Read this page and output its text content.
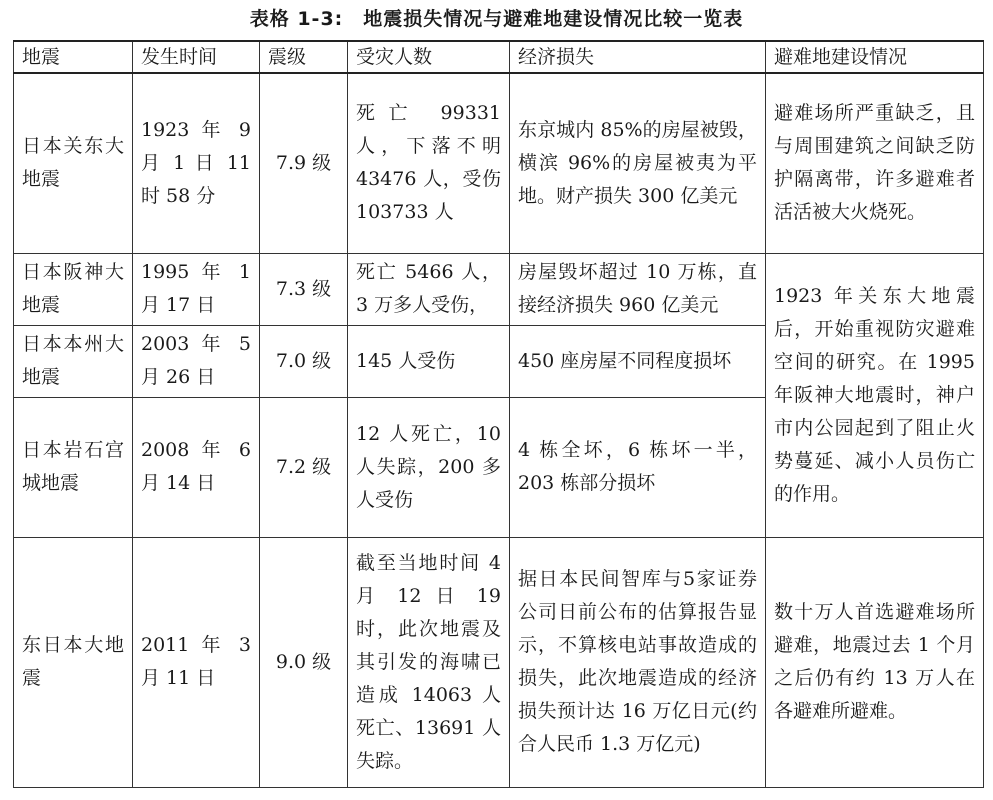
表格 1-3:　地震损失情况与避难地建设情况比较一览表
地震	发生时间	震级	受灾人数	经济损失	避难地建设情况
日本关东大地震	1923 年 9 月 1 日 11 时 58 分	7.9 级	死亡 99331 人，下落不明 43476 人，受伤 103733 人	东京城内 85%的房屋被毁，横滨 96%的房屋被夷为平地。财产损失 300 亿美元	避难场所严重缺乏，且与周围建筑之间缺乏防护隔离带，许多避难者活活被大火烧死。
日本阪神大地震	1995 年 1 月 17 日	7.3 级	死亡 5466 人，3 万多人受伤，	房屋毁坏超过 10 万栋，直接经济损失 960 亿美元	1923 年关东大地震后，开始重视防灾避难空间的研究。在 1995 年阪神大地震时，神户市内公园起到了阻止火势蔓延、减小人员伤亡的作用。
日本本州大地震	2003 年 5 月 26 日	7.0 级	145 人受伤	450 座房屋不同程度损坏	
日本岩石宫城地震	2008 年 6 月 14 日	7.2 级	12 人死亡，10 人失踪，200 多人受伤	4 栋全坏，6 栋坏一半，203 栋部分损坏	
东日本大地震	2011 年 3 月 11 日	9.0 级	截至当地时间 4 月 12 日 19 时，此次地震及其引发的海啸已造成 14063 人死亡、13691 人失踪。	据日本民间智库与5家证券公司日前公布的估算报告显示，不算核电站事故造成的损失，此次地震造成的经济损失预计达 16 万亿日元(约合人民币 1.3 万亿元)	数十万人首选避难场所避难，地震过去 1 个月之后仍有约 13 万人在各避难所避难。
